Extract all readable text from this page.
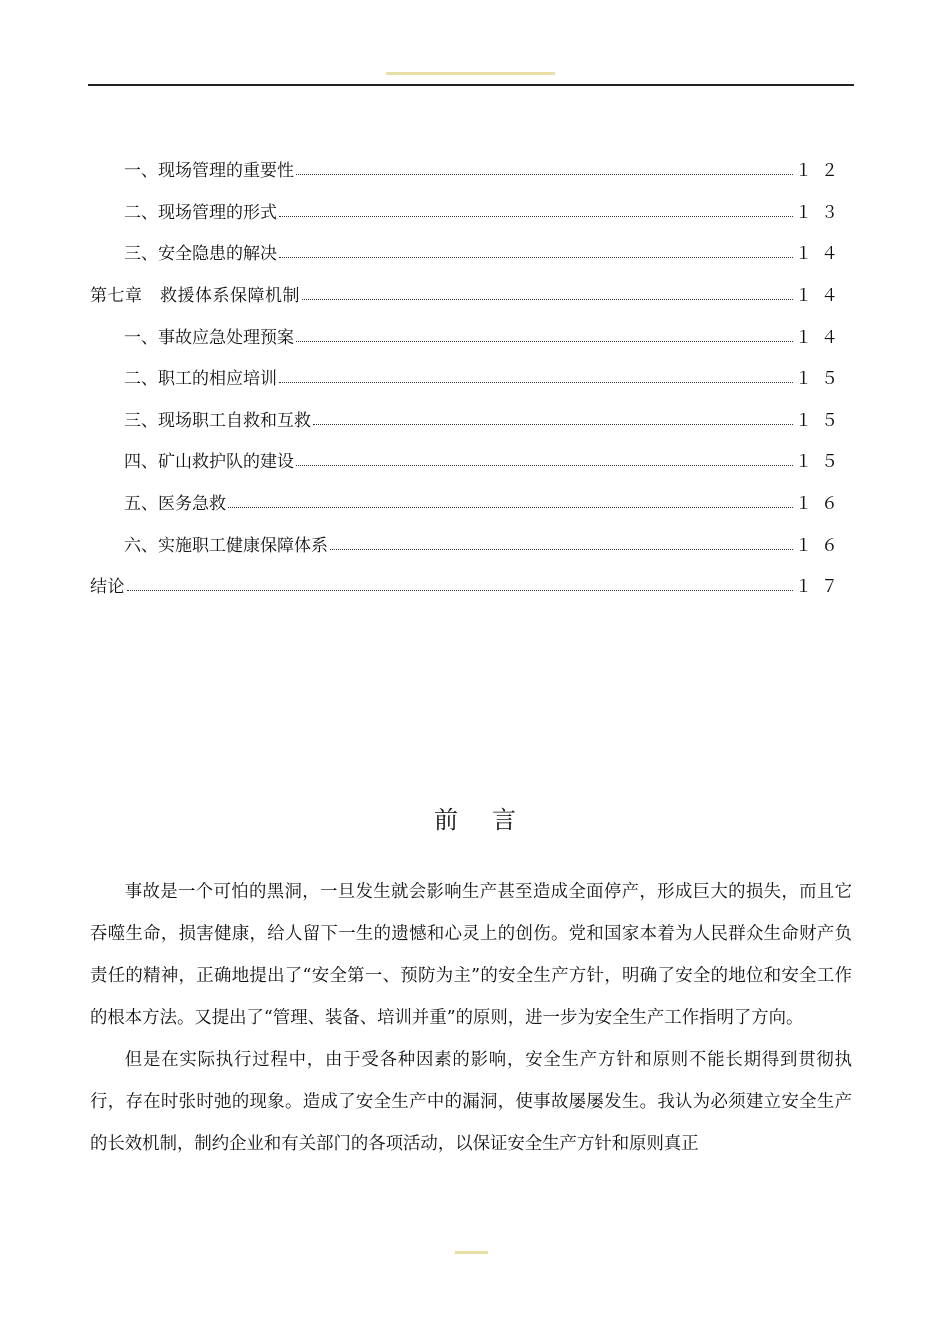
一、现场管理的重要性	１２
二、现场管理的形式	１３
三、安全隐患的解决	１４
第七章　救援体系保障机制	１４
一、事故应急处理预案	１４
二、职工的相应培训	１５
三、现场职工自救和互救	１５
四、矿山救护队的建设	１５
五、医务急救	１６
六、实施职工健康保障体系	１６
结论	１７
前言

事故是一个可怕的黑洞，一旦发生就会影响生产甚至造成全面停产，形成巨大的损失，而且它吞噬生命，损害健康，给人留下一生的遗憾和心灵上的创伤。党和国家本着为人民群众生命财产负责任的精神，正确地提出了“安全第一、预防为主”的安全生产方针，明确了安全的地位和安全工作的根本方法。又提出了“管理、装备、培训并重”的原则，进一步为安全生产工作指明了方向。

但是在实际执行过程中，由于受各种因素的影响，安全生产方针和原则不能长期得到贯彻执行，存在时张时弛的现象。造成了安全生产中的漏洞，使事故屡屡发生。我认为必须建立安全生产的长效机制，制约企业和有关部门的各项活动，以保证安全生产方针和原则真正
